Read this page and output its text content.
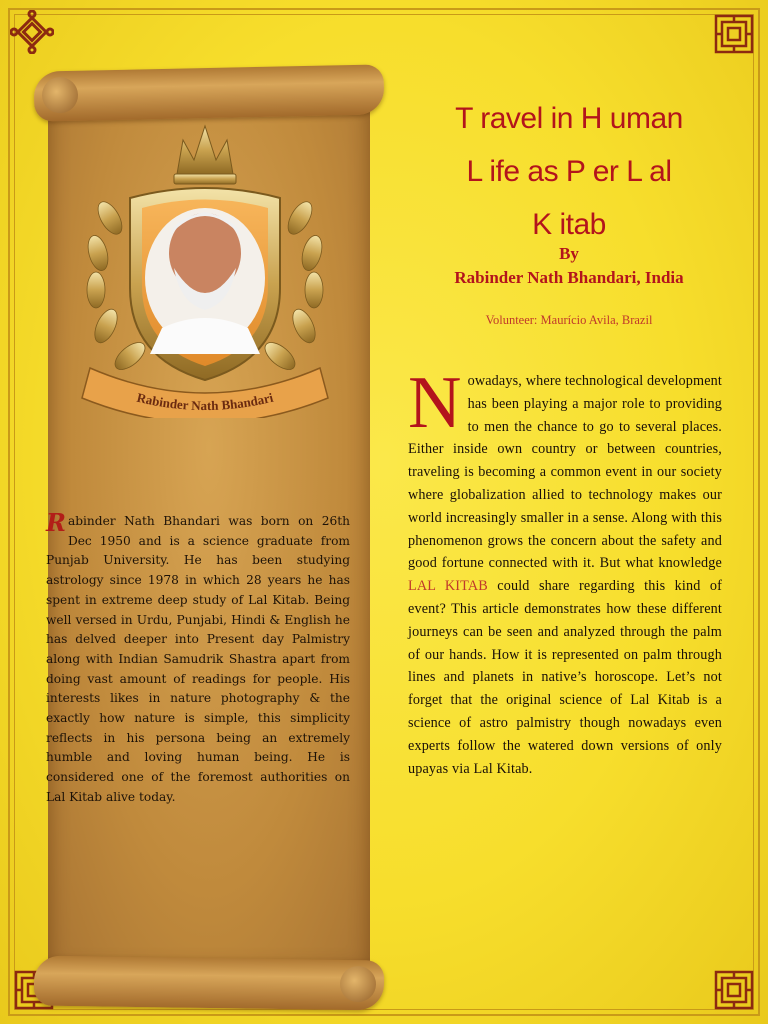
Rabinder Nath Bhandari
Rabinder Nath Bhandari was born on 26th Dec 1950 and is a science graduate from Punjab University. He has been studying astrology since 1978 in which 28 years he has spent in extreme deep study of Lal Kitab. Being well versed in Urdu, Punjabi, Hindi & English he has delved deeper into Present day Palmistry along with Indian Samudrik Shastra apart from doing vast amount of readings for people. His interests likes in nature photography & the exactly how nature is simple, this simplicity reflects in his persona being an extremely humble and loving human being. He is considered one of the foremost authorities on Lal Kitab alive today.
T ravel in H uman
L ife as P er L al
K itab
By
Rabinder Nath Bhandari, India
Volunteer: Maurício Avila, Brazil
Nowadays, where technological development has been playing a major role to providing to men the chance to go to several places. Either inside own country or between countries, traveling is becoming a common event in our society where globalization allied to technology makes our world increasingly smaller in a sense. Along with this phenomenon grows the concern about the safety and good fortune connected with it. But what knowledge LAL KITAB could share regarding this kind of event? This article demonstrates how these different journeys can be seen and analyzed through the palm of our hands. How it is represented on palm through lines and planets in native’s horoscope. Let’s not forget that the original science of Lal Kitab is a science of astro palmistry though nowadays even experts follow the watered down versions of only upayas via Lal Kitab.
